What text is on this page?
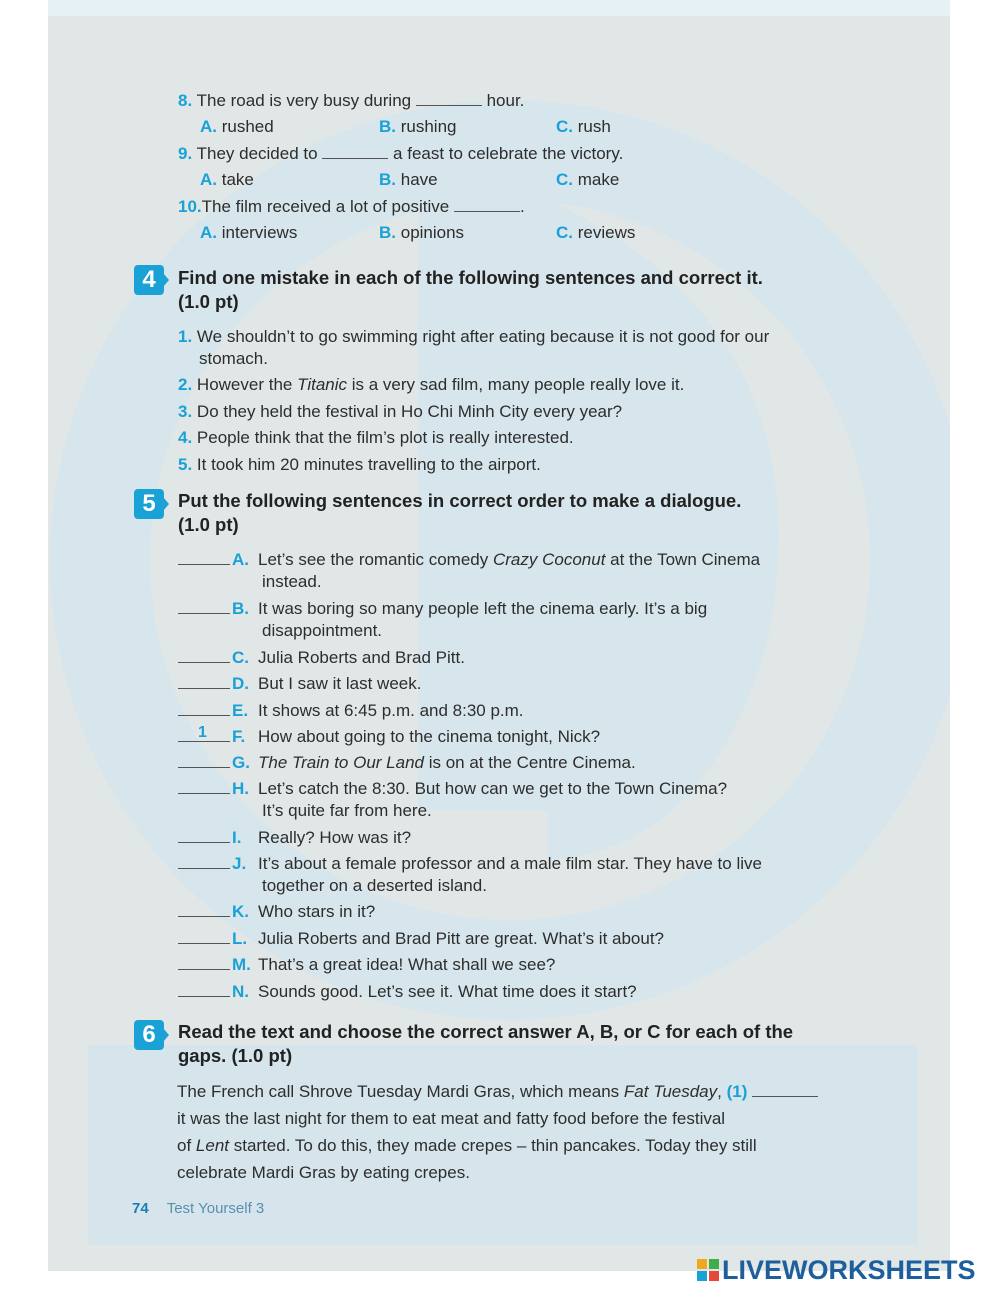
8. The road is very busy during	hour.
A. rushed	B. rushing	C. rush
9. They decided to	a feast to celebrate the victory.
A. take	B. have	C. make
10.The film received a lot of positive	.
A. interviews	B. opinions	C. reviews
4	Find one mistake in each of the following sentences and correct it.
(1.0 pt)
1. We shouldn’t to go swimming right after eating because it is not good for our
stomach.
2. However the Titanic is a very sad film, many people really love it.
3. Do they held the festival in Ho Chi Minh City every year?
4. People think that the film’s plot is really interested.
5. It took him 20 minutes travelling to the airport.
5	Put the following sentences in correct order to make a dialogue.
(1.0 pt)
A. Let’s see the romantic comedy Crazy Coconut at the Town Cinema
instead.
B. It was boring so many people left the cinema early. It’s a big
disappointment.
C. Julia Roberts and Brad Pitt.
D. But I saw it last week.
E. It shows at 6:45 p.m. and 8:30 p.m.
1 F. How about going to the cinema tonight, Nick?
G. The Train to Our Land is on at the Centre Cinema.
H. Let’s catch the 8:30. But how can we get to the Town Cinema?
It’s quite far from here.
I. Really? How was it?
J. It’s about a female professor and a male film star. They have to live
together on a deserted island.
K. Who stars in it?
L. Julia Roberts and Brad Pitt are great. What’s it about?
M. That’s a great idea! What shall we see?
N. Sounds good. Let’s see it. What time does it start?
6	Read the text and choose the correct answer A, B, or C for each of the
gaps. (1.0 pt)
The French call Shrove Tuesday Mardi Gras, which means Fat Tuesday, (1)
it was the last night for them to eat meat and fatty food before the festival
of Lent started. To do this, they made crepes – thin pancakes. Today they still
celebrate Mardi Gras by eating crepes.
74 Test Yourself 3
LIVEWORKSHEETS
